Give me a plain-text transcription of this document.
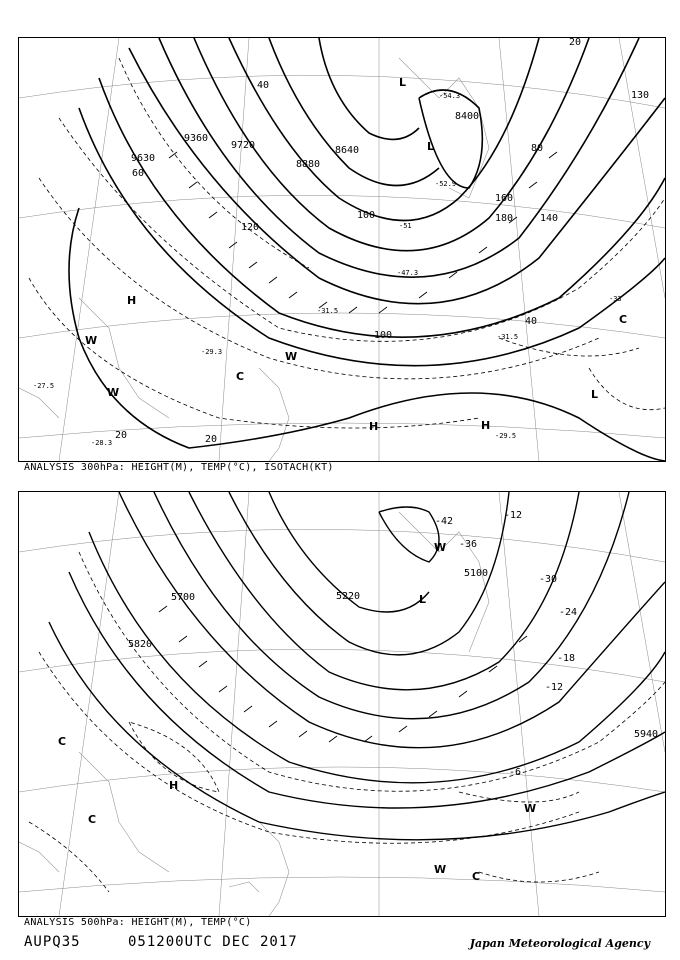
9360
9720
9630
8880
8640
8400
40
60
100
120
140
160
180
130
80
20
40
20
100
20
-51
-47.3
-52.9
-54.3
-31.5
-29.3
-31.5
-33
-29.5
-28.3
-27.5
H
H	H
L
L
L
C
C
W
W
W
ANALYSIS 300hPa: HEIGHT(M), TEMP(°C), ISOTACH(KT)
5700	5220
5100
5820
5940
-42
-12
-24
-18
-12
-36
-30
-6
H
L
W
W
W
C
C
C
ANALYSIS 500hPa: HEIGHT(M), TEMP(°C)
AUPQ35	051200UTC DEC 2017	Japan Meteorological Agency
